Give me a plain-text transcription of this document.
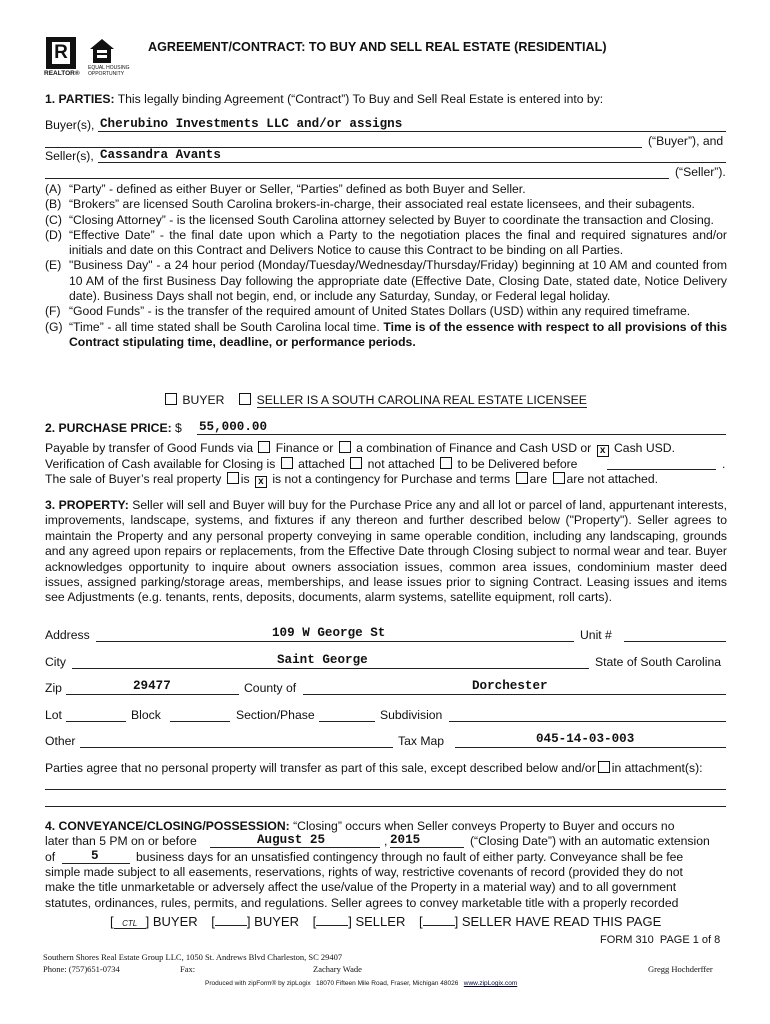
R
REALTOR®
EQUAL HOUSING
OPPORTUNITY
AGREEMENT/CONTRACT: TO BUY AND SELL REAL ESTATE (RESIDENTIAL)
1. PARTIES: This legally binding Agreement (“Contract”) To Buy and Sell Real Estate is entered into by:
Buyer(s), Cherubino Investments LLC and/or assigns
(“Buyer”), and
Seller(s), Cassandra Avants
(“Seller”).
(A) “Party” - defined as either Buyer or Seller, “Parties” defined as both Buyer and Seller.
(B) “Brokers” are licensed South Carolina brokers-in-charge, their associated real estate licensees, and their subagents.
(C) “Closing Attorney” - is the licensed South Carolina attorney selected by Buyer to coordinate the transaction and Closing.
(D) “Effective Date” - the final date upon which a Party to the negotiation places the final and required signatures and/or initials and date on this Contract and Delivers Notice to cause this Contract to be binding on all Parties.
(E) "Business Day" - a 24 hour period (Monday/Tuesday/Wednesday/Thursday/Friday) beginning at 10 AM and counted from 10 AM of the first Business Day following the appropriate date (Effective Date, Closing Date, stated date, Notice Delivery date). Business Days shall not begin, end, or include any Saturday, Sunday, or Federal legal holiday.
(F) “Good Funds” - is the transfer of the required amount of United States Dollars (USD) within any required timeframe.
(G) “Time” - all time stated shall be South Carolina local time. Time is of the essence with respect to all provisions of this Contract stipulating time, deadline, or performance periods.
BUYER	SELLER IS A SOUTH CAROLINA REAL ESTATE LICENSEE
2. PURCHASE PRICE: $ 55,000.00
Payable by transfer of Good Funds via Finance or a combination of Finance and Cash USD or x Cash USD.
Verification of Cash available for Closing is attached not attached to be Delivered before	.
The sale of Buyer’s real property is x is not a contingency for Purchase and terms are are not attached.
3. PROPERTY: Seller will sell and Buyer will buy for the Purchase Price any and all lot or parcel of land, appurtenant interests, improvements, landscape, systems, and fixtures if any thereon and further described below ("Property"). Seller agrees to maintain the Property and any personal property conveying in same operable condition, including any landscaping, grounds and any agreed upon repairs or replacements, from the Effective Date through Closing subject to normal wear and tear. Buyer acknowledges opportunity to inquire about owners association issues, common area issues, condominium master deed issues, assigned parking/storage areas, memberships, and lease issues prior to signing Contract. Leasing issues and items see Adjustments (e.g. tenants, rents, deposits, documents, alarm systems, satellite equipment, roll carts).
Address	109 W George St	Unit #
City	Saint George	State of South Carolina
Zip	29477	County of	Dorchester
Lot	Block	Section/Phase	Subdivision
Other	Tax Map	045-14-03-003
Parties agree that no personal property will transfer as part of this sale, except described below and/or in attachment(s):
4. CONVEYANCE/CLOSING/POSSESSION: “Closing” occurs when Seller conveys Property to Buyer and occurs no
later than 5 PM on or before	August 25	, 2015	(“Closing Date”) with an automatic extension
of	5	business days for an unsatisfied contingency through no fault of either party. Conveyance shall be fee
simple made subject to all easements, reservations, rights of way, restrictive covenants of record (provided they do not
make the title unmarketable or adversely affect the use/value of the Property in a material way) and to all government
statutes, ordinances, rules, permits, and regulations. Seller agrees to convey marketable title with a properly recorded
[ CTL ] BUYER [ ] BUYER [ ] SELLER [ ] SELLER HAVE READ THIS PAGE
FORM 310 PAGE 1 of 8
Southern Shores Real Estate Group LLC, 1050 St. Andrews Blvd Charleston, SC 29407
Phone: (757)651-0734	Fax:	Zachary Wade	Gregg Hochderffer
Produced with zipForm® by zipLogix 18070 Fifteen Mile Road, Fraser, Michigan 48026 www.zipLogix.com
